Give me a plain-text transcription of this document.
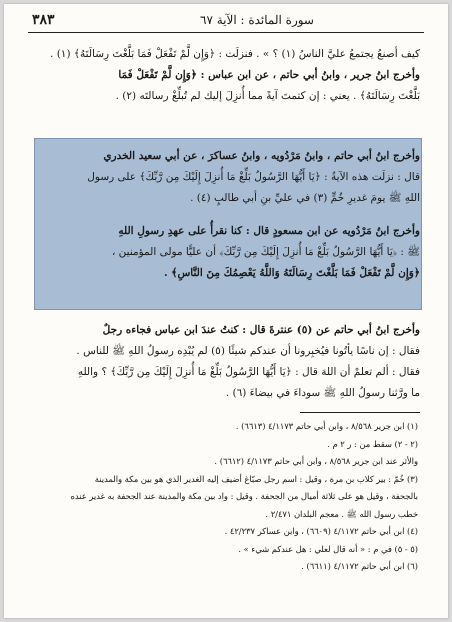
٣٨٣	سورة المائدة : الآية ٦٧

كيف أصنعُ يجتمعُ عليَّ الناسُ (١) ؟ » . فنزلَت : ﴿وَإِن لَّمْ تَفْعَلْ فَمَا بَلَّغْتَ رِسَالَتَهُ﴾ (١) .

وأخرج ابنُ جرير ، وابنُ أبي حاتم ، عن ابن عباس : ﴿وَإِن لَّمْ تَفْعَلْ فَمَا

بَلَّغْتَ رِسَالَتَهُ﴾ . يعني : إن كتمتَ آيةً مما أُنزِلَ إليك لم تُبلِّغْ رسالتَه (٢) .

وأخرج ابنُ أبي حاتم ، وابنُ مَرْدُويه ، وابنُ عساكرَ ، عن أبي سعيد الخدري

قال : نزلَت هذه الآيةُ : ﴿يَا أَيُّهَا الرَّسُولُ بَلِّغْ مَا أُنزِلَ إِلَيْكَ مِن رَّبِّكَ﴾ على رسول

اللهِ ﷺ يومَ غديرِ خُمٍّ (٣) في عليِّ بنِ أبي طالبٍ (٤) .

وأخرج ابنُ مَرْدُويه عن ابن مسعودٍ قال : كنا نقرأُ على عهدِ رسولِ اللهِ

ﷺ : ﴿يَا أَيُّهَا الرَّسُولُ بَلِّغْ مَا أُنزِلَ إِلَيْكَ مِن رَّبِّكَ﴾ أن عليًّا مولى المؤمنين ،

﴿وَإِن لَّمْ تَفْعَلْ فَمَا بَلَّغْتَ رِسَالَتَهُ وَاللَّهُ يَعْصِمُكَ مِنَ النَّاسِ﴾ .

وأخرج ابنُ أبي حاتم عن (٥) عنترةَ قال : كنتُ عندَ ابن عباس فجاءه رجلٌ

فقال : إن ناسًا يأتُونا فيُخبِرونا أن عندكم شيئًا (٥) لم يُبْدِه رسولُ اللهِ ﷺ للناس .

فقال : ألم تعلمْ أن اللهَ قال : ﴿يَا أَيُّهَا الرَّسُولُ بَلِّغْ مَا أُنزِلَ إِلَيْكَ مِن رَّبِّكَ﴾ ؟ واللهِ

ما ورَّثنا رسولُ اللهِ ﷺ سوداءَ في بيضاءَ (٦) .

(١) ابن جرير ٨/٥٦٨ ، وابن أبي حاتم ٤/١١٧٣ (٦٦١٣) .

(٢ - ٢) سقط من : ر ٢ م .

والأثر عند ابن جرير ٨/٥٦٨ ، وابن أبي حاتم ٤/١١٧٣ (٦٦١٢) .

(٣) خُمّ : بير كلاب بن مرة ، وقيل : اسم رجل صبّاغ أضيف إليه الغدير الذي هو بين مكة والمدينة

بالجحفة ، وقيل هو على ثلاثة أميال من الجحفة . وقيل : واد بين مكة والمدينة عند الجحفة به غدير عنده

خطب رسول الله ﷺ . معجم البلدان ٢/٤٧١ .

(٤) ابن أبي حاتم ٤/١١٧٢ (٦٦٠٩) ، وابن عساكر ٤٢/٢٣٧ .

(٥ - ٥) في م : « أنه قال لعلي : هل عندكم شيء » .

(٦) ابن أبي حاتم ٤/١١٧٢ (٦٦١١) .
